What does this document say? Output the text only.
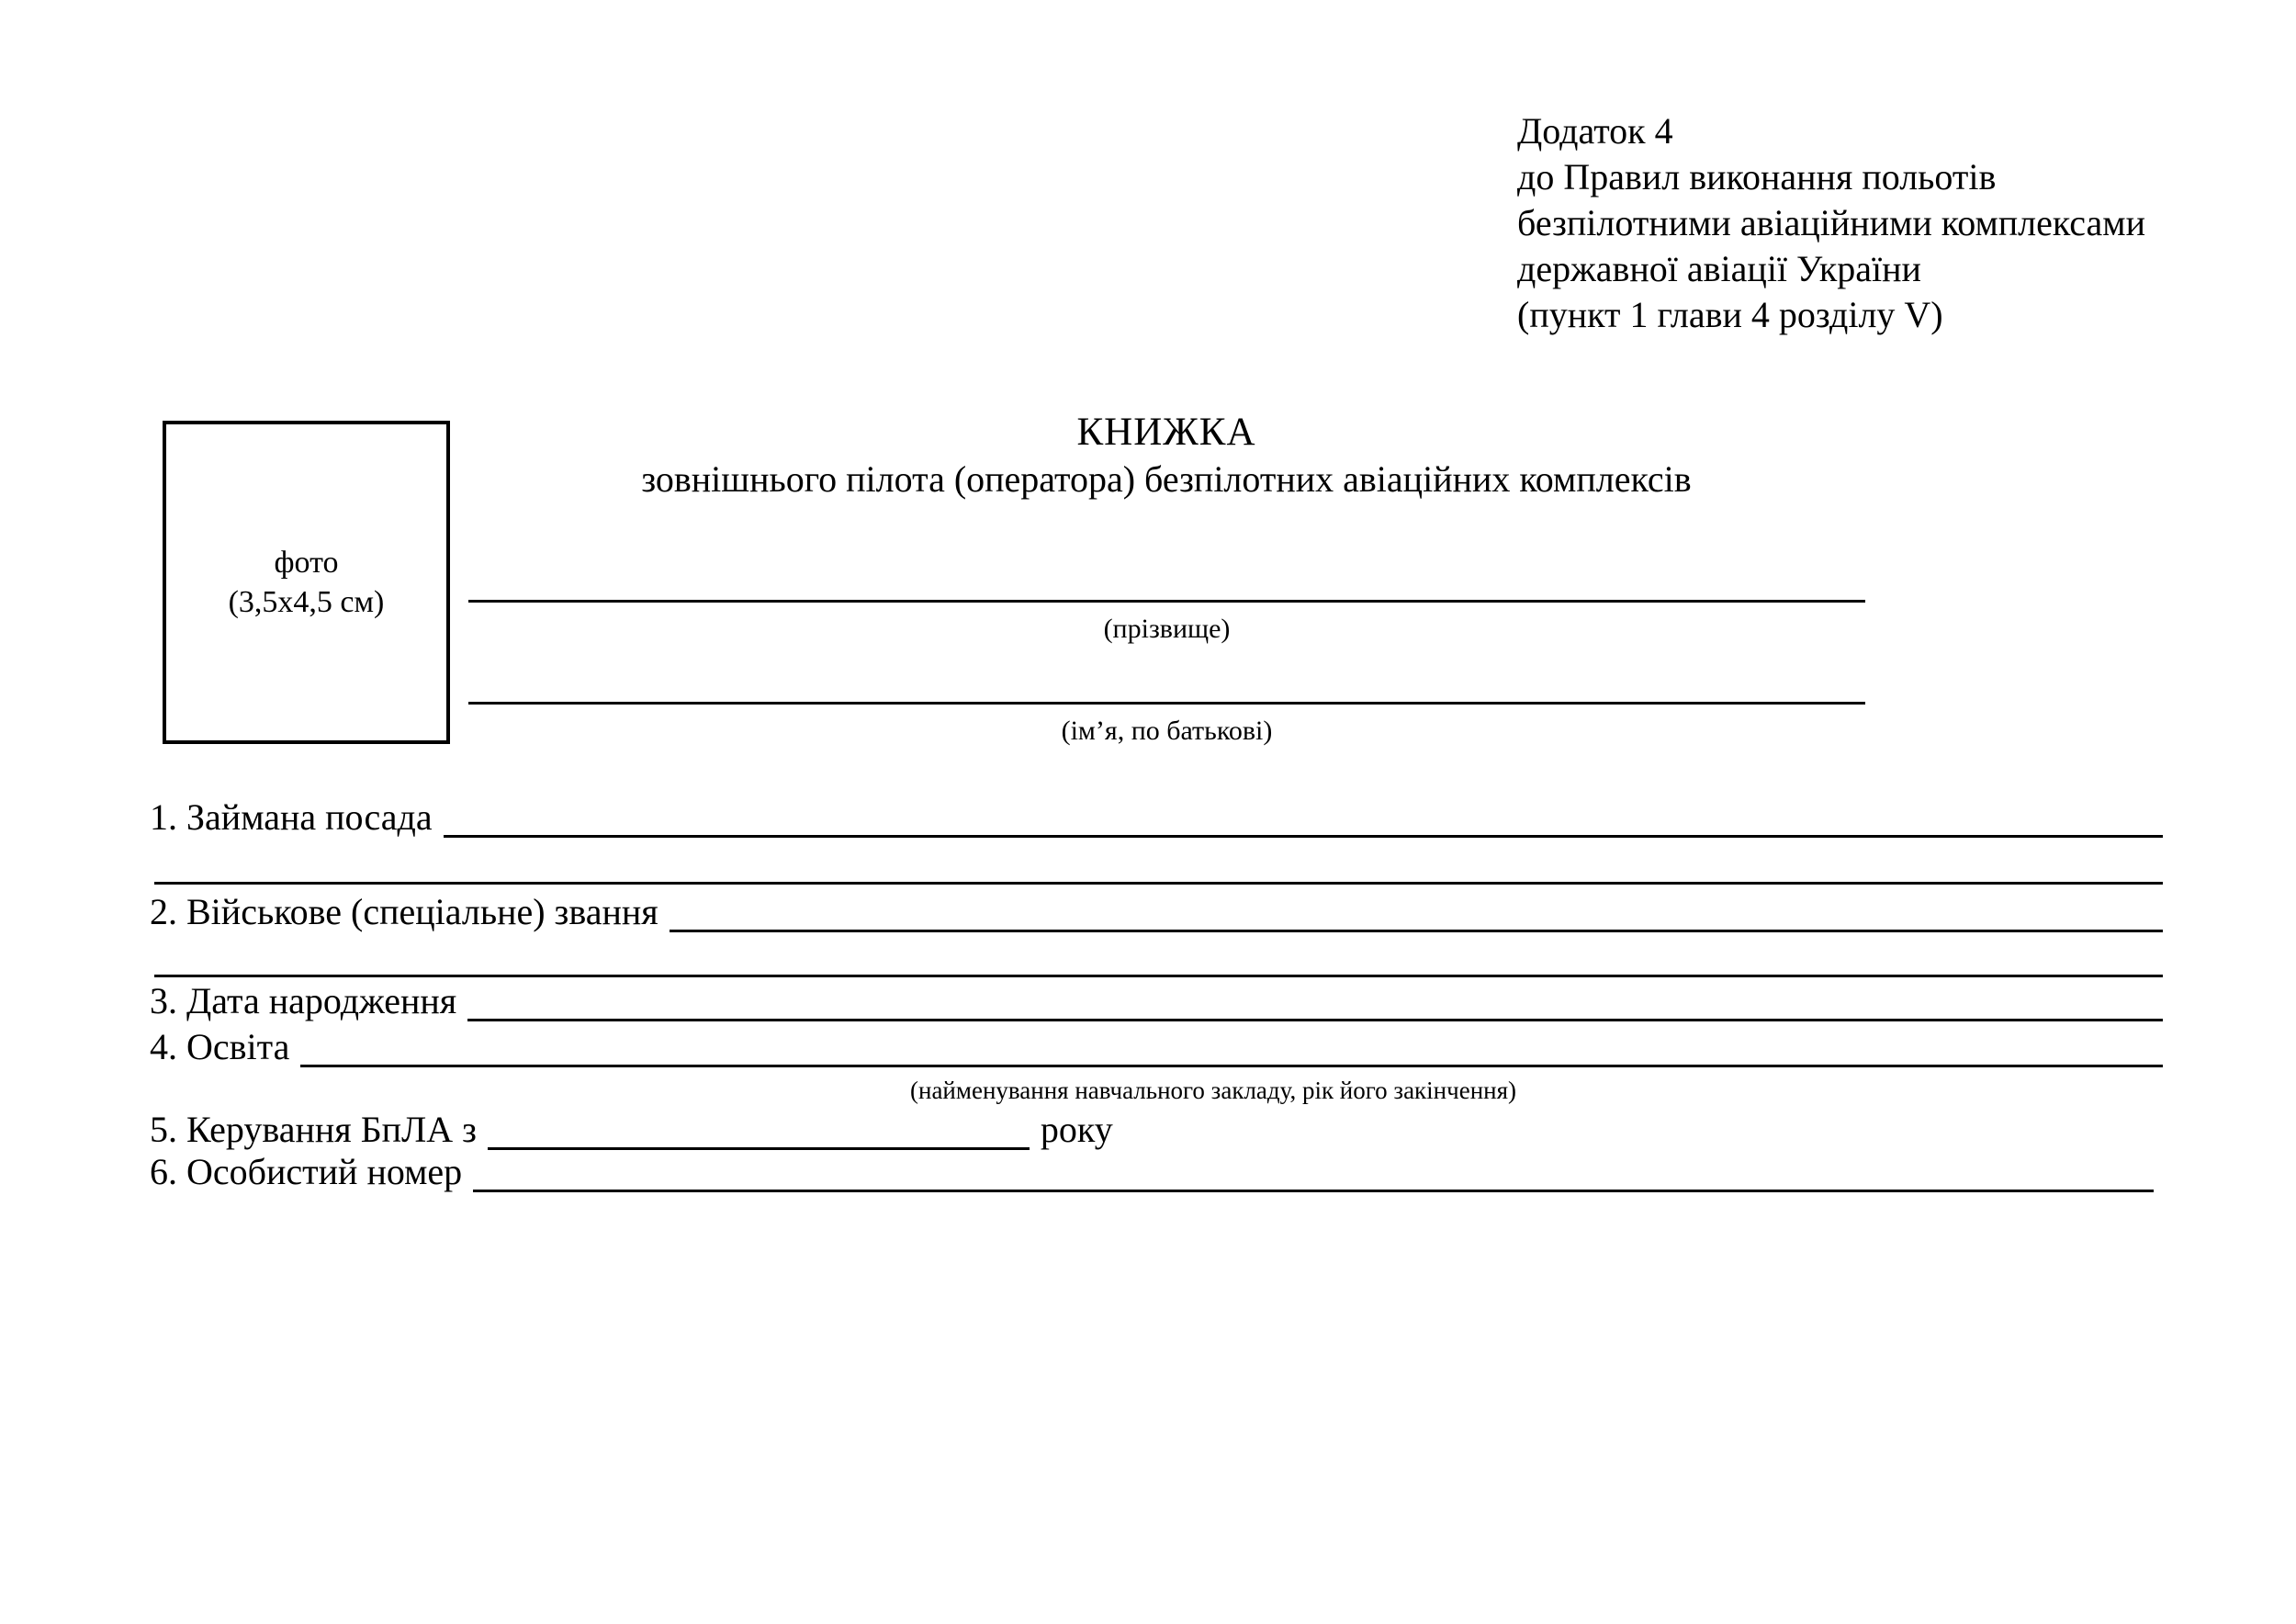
Додаток 4
до Правил виконання польотів
безпілотними авіаційними комплексами
державної авіації України
(пункт 1 глави 4 розділу V)
КНИЖКА
зовнішнього пілота (оператора) безпілотних авіаційних комплексів
фото
(3,5х4,5 см)
(прізвище)
(ім’я, по батькові)
1. Займана посада
2. Військове (спеціальне) звання
3. Дата народження
4. Освіта
(найменування навчального закладу, рік його закінчення)
5. Керування БпЛА з	року
6. Особистий номер
